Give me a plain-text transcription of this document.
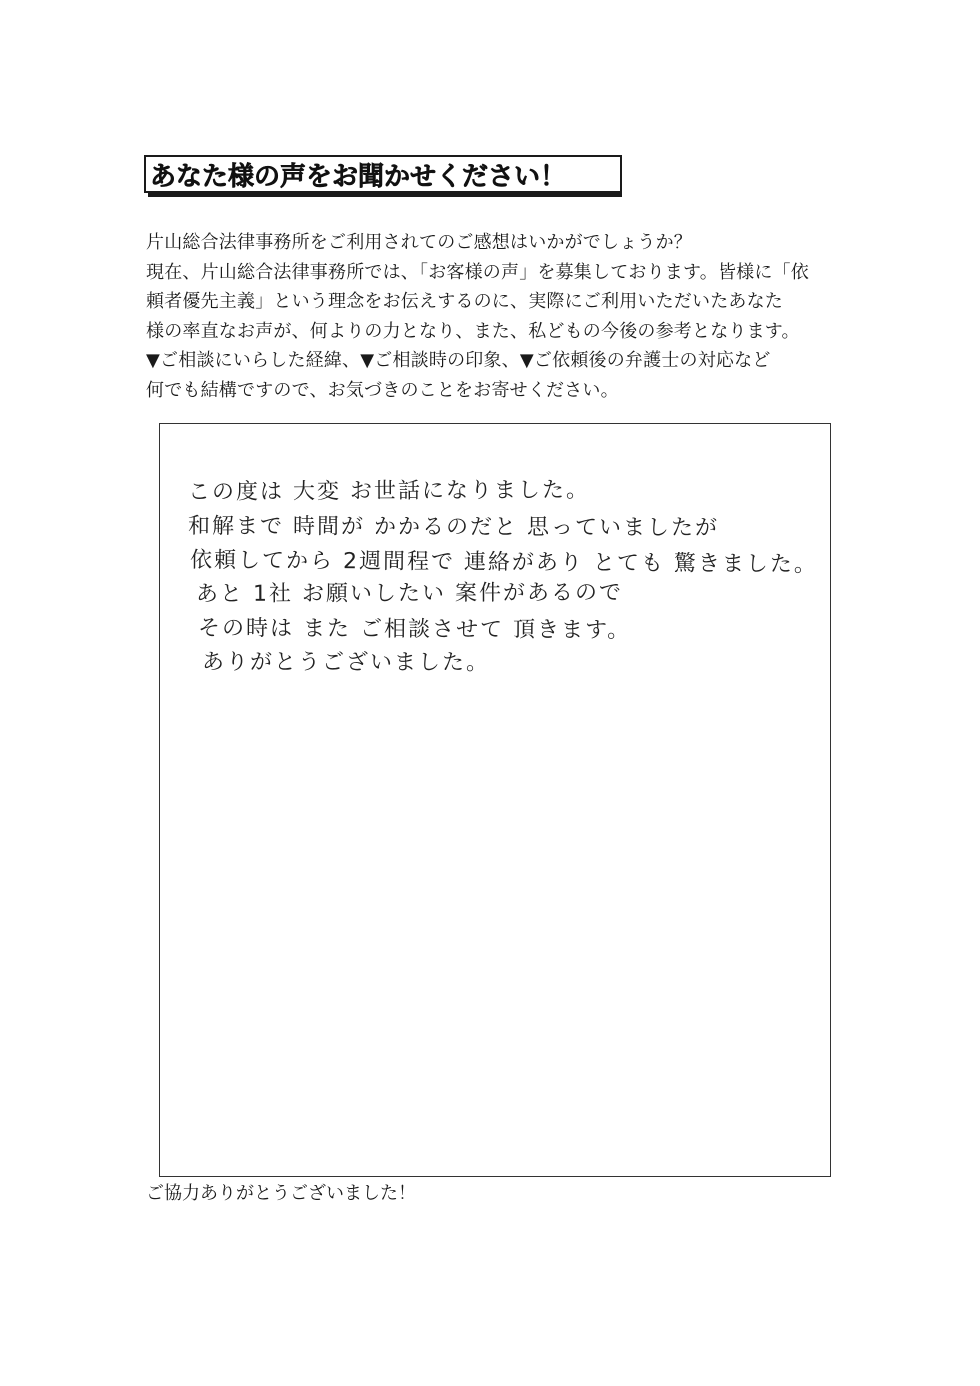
あなた様の声をお聞かせください！
片山総合法律事務所をご利用されてのご感想はいかがでしょうか？
現在、片山総合法律事務所では、「お客様の声」を募集しております。皆様に「依
頼者優先主義」という理念をお伝えするのに、実際にご利用いただいたあなた
様の率直なお声が、何よりの力となり、また、私どもの今後の参考となります。
▼ご相談にいらした経緯、▼ご相談時の印象、▼ご依頼後の弁護士の対応など
何でも結構ですので、お気づきのことをお寄せください。
この度は 大変 お世話になりました。
和解まで 時間が かかるのだと 思っていましたが
依頼してから 2週間程で 連絡があり とても 驚きました。
あと 1社 お願いしたい 案件があるので
その時は また ご相談させて 頂きます。
ありがとうございました。
ご協力ありがとうございました！
